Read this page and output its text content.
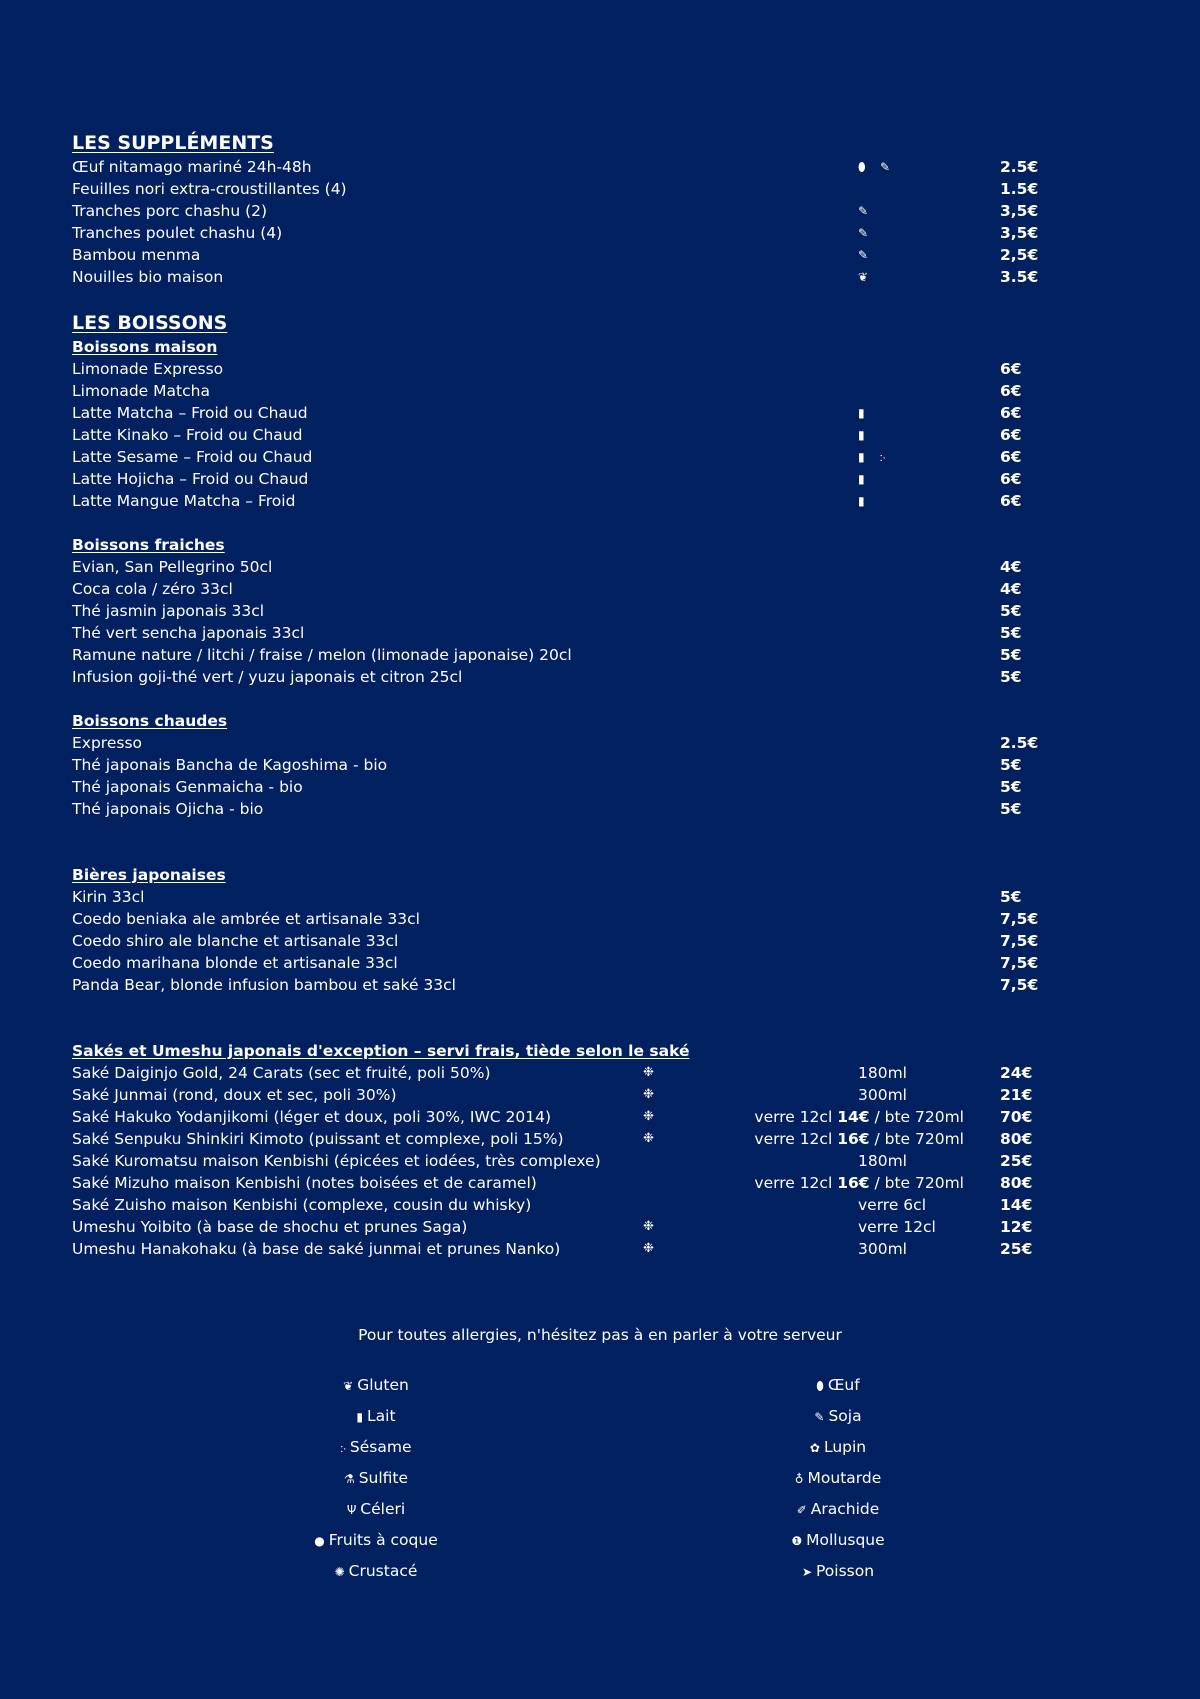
LES SUPPLÉMENTS
Œuf nitamago mariné 24h-48h	⬮ ✎	2.5€
Feuilles nori extra-croustillantes (4)	1.5€
Tranches porc chashu (2)	✎	3,5€
Tranches poulet chashu (4)	✎	3,5€
Bambou menma	✎	2,5€
Nouilles bio maison	❦	3.5€
LES BOISSONS
Boissons maison
Limonade Expresso	6€
Limonade Matcha	6€
Latte Matcha – Froid ou Chaud	▮	6€
Latte Kinako – Froid ou Chaud	▮	6€
Latte Sesame – Froid ou Chaud	▮ ჻	6€
Latte Hojicha – Froid ou Chaud	▮	6€
Latte Mangue Matcha – Froid	▮	6€
Boissons fraiches
Evian, San Pellegrino 50cl	4€
Coca cola / zéro 33cl	4€
Thé jasmin japonais 33cl	5€
Thé vert sencha japonais 33cl	5€
Ramune nature / litchi / fraise / melon (limonade japonaise) 20cl	5€
Infusion goji-thé vert / yuzu japonais et citron 25cl	5€
Boissons chaudes
Expresso	2.5€
Thé japonais Bancha de Kagoshima - bio	5€
Thé japonais Genmaicha - bio	5€
Thé japonais Ojicha - bio	5€
Bières japonaises
Kirin 33cl	5€
Coedo beniaka ale ambrée et artisanale 33cl	7,5€
Coedo shiro ale blanche et artisanale 33cl	7,5€
Coedo marihana blonde et artisanale 33cl	7,5€
Panda Bear, blonde infusion bambou et saké 33cl	7,5€
Sakés et Umeshu japonais d'exception – servi frais, tiède selon le saké
Saké Daiginjo Gold, 24 Carats (sec et fruité, poli 50%)	❉	180ml	24€
Saké Junmai (rond, doux et sec, poli 30%)	❉	300ml	21€
Saké Hakuko Yodanjikomi (léger et doux, poli 30%, IWC 2014)	❉	verre 12cl 14€ / bte 720ml 70€
Saké Senpuku Shinkiri Kimoto (puissant et complexe, poli 15%)	❉	verre 12cl 16€ / bte 720ml 80€
Saké Kuromatsu maison Kenbishi (épicées et iodées, très complexe)	180ml	25€
Saké Mizuho maison Kenbishi (notes boisées et de caramel)	verre 12cl 16€ / bte 720ml 80€
Saké Zuisho maison Kenbishi (complexe, cousin du whisky)	verre 6cl	14€
Umeshu Yoibito (à base de shochu et prunes Saga)	❉	verre 12cl	12€
Umeshu Hanakohaku (à base de saké junmai et prunes Nanko)	❉	300ml	25€
Pour toutes allergies, n'hésitez pas à en parler à votre serveur
❦ Gluten
▮ Lait
჻ Sésame
⚗ Sulfite
Ψ Céleri
● Fruits à coque
✺ Crustacé
⬮ Œuf
✎ Soja
✿ Lupin
♁ Moutarde
✐ Arachide
❶ Mollusque
➤ Poisson
